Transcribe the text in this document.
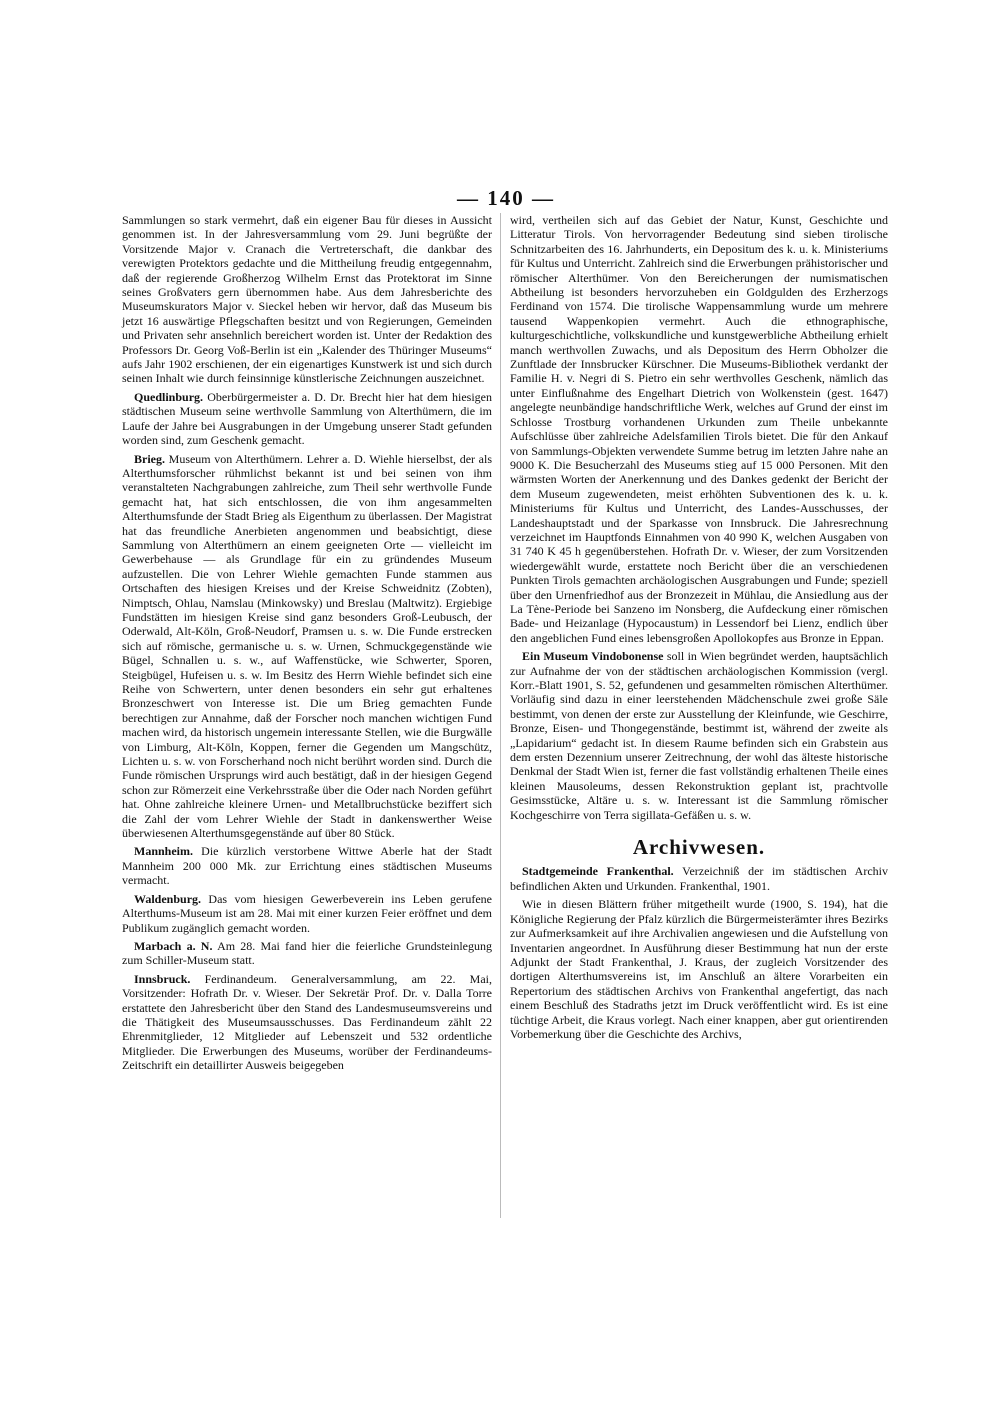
— 140 —

Sammlungen so stark vermehrt, daß ein eigener Bau für dieses in Aussicht genommen ist. In der Jahresversammlung vom 29. Juni begrüßte der Vorsitzende Major v. Cranach die Vertreterschaft, die dankbar des verewigten Protektors gedachte und die Mittheilung freudig entgegennahm, daß der regierende Großherzog Wilhelm Ernst das Protektorat im Sinne seines Großvaters gern übernommen habe. Aus dem Jahresberichte des Museumskurators Major v. Sieckel heben wir hervor, daß das Museum bis jetzt 16 auswärtige Pflegschaften besitzt und von Regierungen, Gemeinden und Privaten sehr ansehnlich bereichert worden ist. Unter der Redaktion des Professors Dr. Georg Voß-Berlin ist ein „Kalender des Thüringer Museums“ aufs Jahr 1902 erschienen, der ein eigenartiges Kunstwerk ist und sich durch seinen Inhalt wie durch feinsinnige künstlerische Zeichnungen auszeichnet.

Quedlinburg. Oberbürgermeister a. D. Dr. Brecht hier hat dem hiesigen städtischen Museum seine werthvolle Sammlung von Alterthümern, die im Laufe der Jahre bei Ausgrabungen in der Umgebung unserer Stadt gefunden worden sind, zum Geschenk gemacht.

Brieg. Museum von Alterthümern. Lehrer a. D. Wiehle hierselbst, der als Alterthumsforscher rühmlichst bekannt ist und bei seinen von ihm veranstalteten Nachgrabungen zahlreiche, zum Theil sehr werthvolle Funde gemacht hat, hat sich entschlossen, die von ihm angesammelten Alterthumsfunde der Stadt Brieg als Eigenthum zu überlassen. Der Magistrat hat das freundliche Anerbieten angenommen und beabsichtigt, diese Sammlung von Alterthümern an einem geeigneten Orte — vielleicht im Gewerbehause — als Grundlage für ein zu gründendes Museum aufzustellen. Die von Lehrer Wiehle gemachten Funde stammen aus Ortschaften des hiesigen Kreises und der Kreise Schweidnitz (Zobten), Nimptsch, Ohlau, Namslau (Minkowsky) und Breslau (Maltwitz). Ergiebige Fundstätten im hiesigen Kreise sind ganz besonders Groß-Leubusch, der Oderwald, Alt-Köln, Groß-Neudorf, Pramsen u. s. w. Die Funde erstrecken sich auf römische, germanische u. s. w. Urnen, Schmuckgegenstände wie Bügel, Schnallen u. s. w., auf Waffenstücke, wie Schwerter, Sporen, Steigbügel, Hufeisen u. s. w. Im Besitz des Herrn Wiehle befindet sich eine Reihe von Schwertern, unter denen besonders ein sehr gut erhaltenes Bronzeschwert von Interesse ist. Die um Brieg gemachten Funde berechtigen zur Annahme, daß der Forscher noch manchen wichtigen Fund machen wird, da historisch ungemein interessante Stellen, wie die Burgwälle von Limburg, Alt-Köln, Koppen, ferner die Gegenden um Mangschütz, Lichten u. s. w. von Forscherhand noch nicht berührt worden sind. Durch die Funde römischen Ursprungs wird auch bestätigt, daß in der hiesigen Gegend schon zur Römerzeit eine Verkehrsstraße über die Oder nach Norden geführt hat. Ohne zahlreiche kleinere Urnen- und Metallbruchstücke beziffert sich die Zahl der vom Lehrer Wiehle der Stadt in dankenswerther Weise überwiesenen Alterthumsgegenstände auf über 80 Stück.

Mannheim. Die kürzlich verstorbene Wittwe Aberle hat der Stadt Mannheim 200 000 Mk. zur Errichtung eines städtischen Museums vermacht.

Waldenburg. Das vom hiesigen Gewerbeverein ins Leben gerufene Alterthums-Museum ist am 28. Mai mit einer kurzen Feier eröffnet und dem Publikum zugänglich gemacht worden.

Marbach a. N. Am 28. Mai fand hier die feierliche Grundsteinlegung zum Schiller-Museum statt.

Innsbruck. Ferdinandeum. Generalversammlung, am 22. Mai, Vorsitzender: Hofrath Dr. v. Wieser. Der Sekretär Prof. Dr. v. Dalla Torre erstattete den Jahresbericht über den Stand des Landesmuseumsvereins und die Thätigkeit des Museumsausschusses. Das Ferdinandeum zählt 22 Ehrenmitglieder, 12 Mitglieder auf Lebenszeit und 532 ordentliche Mitglieder. Die Erwerbungen des Museums, worüber der Ferdinandeums-Zeitschrift ein detaillirter Ausweis beigegeben

wird, vertheilen sich auf das Gebiet der Natur, Kunst, Geschichte und Litteratur Tirols. Von hervorragender Bedeutung sind sieben tirolische Schnitzarbeiten des 16. Jahrhunderts, ein Depositum des k. u. k. Ministeriums für Kultus und Unterricht. Zahlreich sind die Erwerbungen prähistorischer und römischer Alterthümer. Von den Bereicherungen der numismatischen Abtheilung ist besonders hervorzuheben ein Goldgulden des Erzherzogs Ferdinand von 1574. Die tirolische Wappensammlung wurde um mehrere tausend Wappenkopien vermehrt. Auch die ethnographische, kulturgeschichtliche, volkskundliche und kunstgewerbliche Abtheilung erhielt manch werthvollen Zuwachs, und als Depositum des Herrn Obholzer die Zunftlade der Innsbrucker Kürschner. Die Museums-Bibliothek verdankt der Familie H. v. Negri di S. Pietro ein sehr werthvolles Geschenk, nämlich das unter Einflußnahme des Engelhart Dietrich von Wolkenstein (gest. 1647) angelegte neunbändige handschriftliche Werk, welches auf Grund der einst im Schlosse Trostburg vorhandenen Urkunden zum Theile unbekannte Aufschlüsse über zahlreiche Adelsfamilien Tirols bietet. Die für den Ankauf von Sammlungs-Objekten verwendete Summe betrug im letzten Jahre nahe an 9000 K. Die Besucherzahl des Museums stieg auf 15 000 Personen. Mit den wärmsten Worten der Anerkennung und des Dankes gedenkt der Bericht der dem Museum zugewendeten, meist erhöhten Subventionen des k. u. k. Ministeriums für Kultus und Unterricht, des Landes-Ausschusses, der Landeshauptstadt und der Sparkasse von Innsbruck. Die Jahresrechnung verzeichnet im Hauptfonds Einnahmen von 40 990 K, welchen Ausgaben von 31 740 K 45 h gegenüberstehen. Hofrath Dr. v. Wieser, der zum Vorsitzenden wiedergewählt wurde, erstattete noch Bericht über die an verschiedenen Punkten Tirols gemachten archäologischen Ausgrabungen und Funde; speziell über den Urnenfriedhof aus der Bronzezeit in Mühlau, die Ansiedlung aus der La Tène-Periode bei Sanzeno im Nonsberg, die Aufdeckung einer römischen Bade- und Heizanlage (Hypocaustum) in Lessendorf bei Lienz, endlich über den angeblichen Fund eines lebensgroßen Apollokopfes aus Bronze in Eppan.

Ein Museum Vindobonense soll in Wien begründet werden, hauptsächlich zur Aufnahme der von der städtischen archäologischen Kommission (vergl. Korr.-Blatt 1901, S. 52, gefundenen und gesammelten römischen Alterthümer. Vorläufig sind dazu in einer leerstehenden Mädchenschule zwei große Säle bestimmt, von denen der erste zur Ausstellung der Kleinfunde, wie Geschirre, Bronze, Eisen- und Thongegenstände, bestimmt ist, während der zweite als „Lapidarium“ gedacht ist. In diesem Raume befinden sich ein Grabstein aus dem ersten Dezennium unserer Zeitrechnung, der wohl das älteste historische Denkmal der Stadt Wien ist, ferner die fast vollständig erhaltenen Theile eines kleinen Mausoleums, dessen Rekonstruktion geplant ist, prachtvolle Gesimsstücke, Altäre u. s. w. Interessant ist die Sammlung römischer Kochgeschirre von Terra sigillata-Gefäßen u. s. w.

Archivwesen.

Stadtgemeinde Frankenthal. Verzeichniß der im städtischen Archiv befindlichen Akten und Urkunden. Frankenthal, 1901.

Wie in diesen Blättern früher mitgetheilt wurde (1900, S. 194), hat die Königliche Regierung der Pfalz kürzlich die Bürgermeisterämter ihres Bezirks zur Aufmerksamkeit auf ihre Archivalien angewiesen und die Aufstellung von Inventarien angeordnet. In Ausführung dieser Bestimmung hat nun der erste Adjunkt der Stadt Frankenthal, J. Kraus, der zugleich Vorsitzender des dortigen Alterthumsvereins ist, im Anschluß an ältere Vorarbeiten ein Repertorium des städtischen Archivs von Frankenthal angefertigt, das nach einem Beschluß des Stadraths jetzt im Druck veröffentlicht wird. Es ist eine tüchtige Arbeit, die Kraus vorlegt. Nach einer knappen, aber gut orientirenden Vorbemerkung über die Geschichte des Archivs,
